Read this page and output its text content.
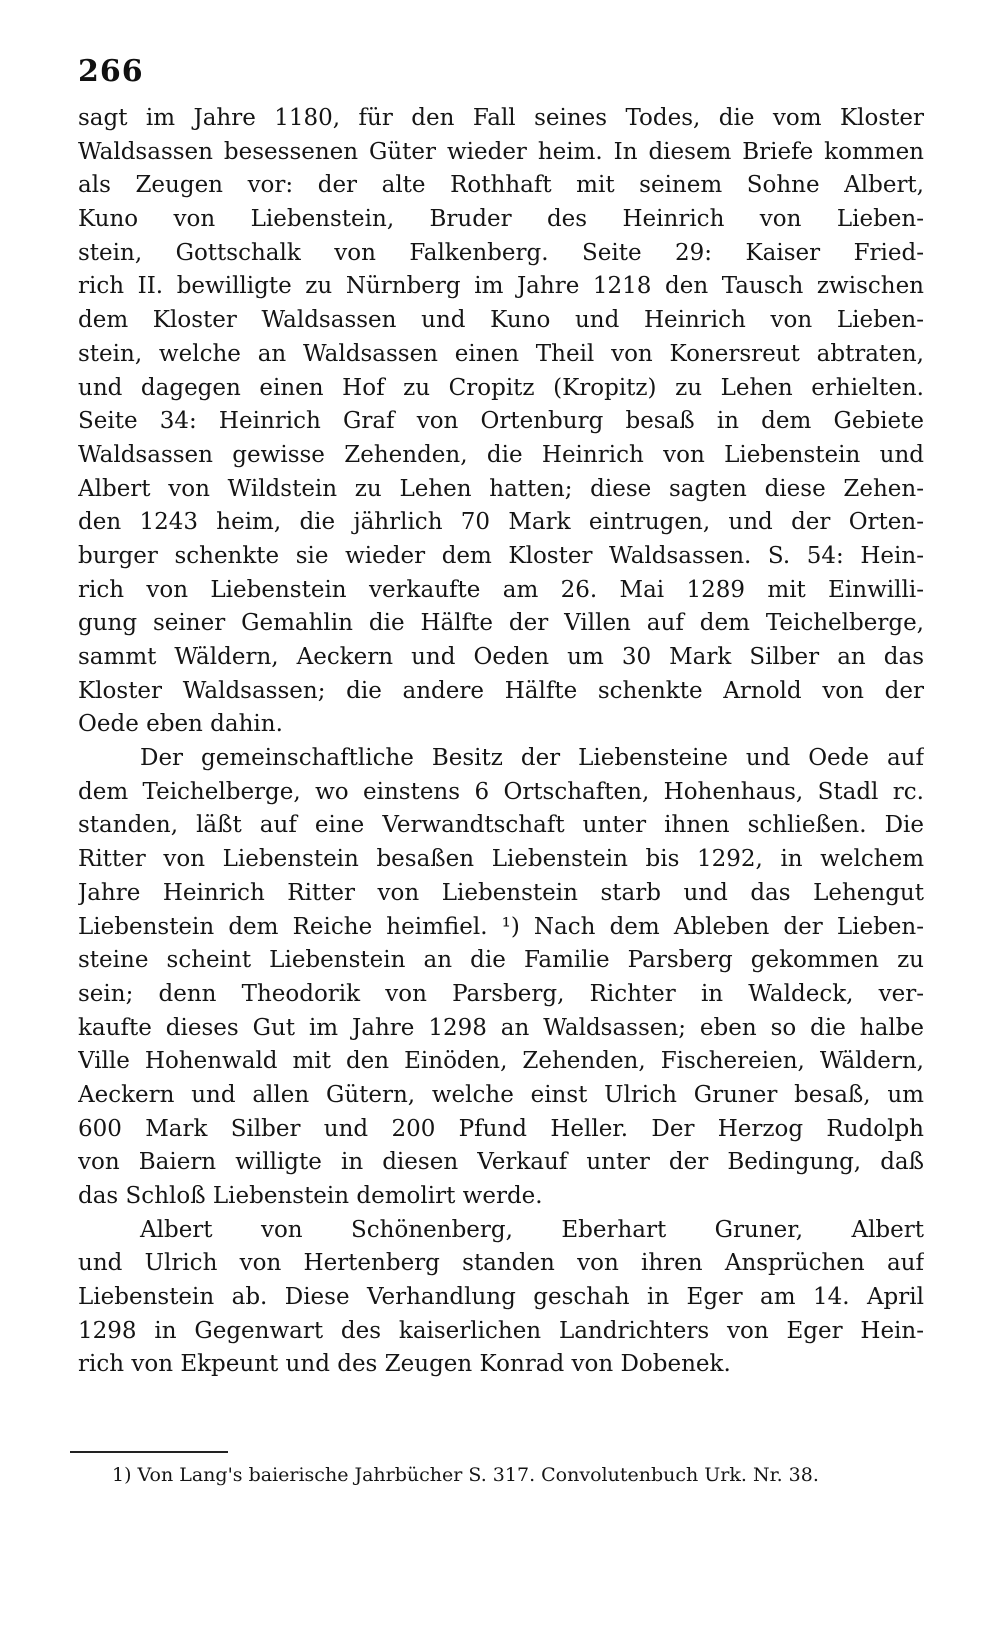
266
sagt im Jahre 1180, für den Fall seines Todes, die vom Kloster
Waldsassen besessenen Güter wieder heim. In diesem Briefe kommen
als Zeugen vor: der alte Rothhaft mit seinem Sohne Albert,
Kuno von Liebenstein, Bruder des Heinrich von Lieben-
stein, Gottschalk von Falkenberg. Seite 29: Kaiser Fried-
rich II. bewilligte zu Nürnberg im Jahre 1218 den Tausch zwischen
dem Kloster Waldsassen und Kuno und Heinrich von Lieben-
stein, welche an Waldsassen einen Theil von Konersreut abtraten,
und dagegen einen Hof zu Cropitz (Kropitz) zu Lehen erhielten.
Seite 34: Heinrich Graf von Ortenburg besaß in dem Gebiete
Waldsassen gewisse Zehenden, die Heinrich von Liebenstein und
Albert von Wildstein zu Lehen hatten; diese sagten diese Zehen-
den 1243 heim, die jährlich 70 Mark eintrugen, und der Orten-
burger schenkte sie wieder dem Kloster Waldsassen. S. 54: Hein-
rich von Liebenstein verkaufte am 26. Mai 1289 mit Einwilli-
gung seiner Gemahlin die Hälfte der Villen auf dem Teichelberge,
sammt Wäldern, Aeckern und Oeden um 30 Mark Silber an das
Kloster Waldsassen; die andere Hälfte schenkte Arnold von der
Oede eben dahin.
Der gemeinschaftliche Besitz der Liebensteine und Oede auf
dem Teichelberge, wo einstens 6 Ortschaften, Hohenhaus, Stadl rc.
standen, läßt auf eine Verwandtschaft unter ihnen schließen. Die
Ritter von Liebenstein besaßen Liebenstein bis 1292, in welchem
Jahre Heinrich Ritter von Liebenstein starb und das Lehengut
Liebenstein dem Reiche heimfiel. ¹) Nach dem Ableben der Lieben-
steine scheint Liebenstein an die Familie Parsberg gekommen zu
sein; denn Theodorik von Parsberg, Richter in Waldeck, ver-
kaufte dieses Gut im Jahre 1298 an Waldsassen; eben so die halbe
Ville Hohenwald mit den Einöden, Zehenden, Fischereien, Wäldern,
Aeckern und allen Gütern, welche einst Ulrich Gruner besaß, um
600 Mark Silber und 200 Pfund Heller. Der Herzog Rudolph
von Baiern willigte in diesen Verkauf unter der Bedingung, daß
das Schloß Liebenstein demolirt werde.
Albert von Schönenberg, Eberhart Gruner, Albert
und Ulrich von Hertenberg standen von ihren Ansprüchen auf
Liebenstein ab. Diese Verhandlung geschah in Eger am 14. April
1298 in Gegenwart des kaiserlichen Landrichters von Eger Hein-
rich von Ekpeunt und des Zeugen Konrad von Dobenek.
1) Von Lang's baierische Jahrbücher S. 317. Convolutenbuch Urk. Nr. 38.
